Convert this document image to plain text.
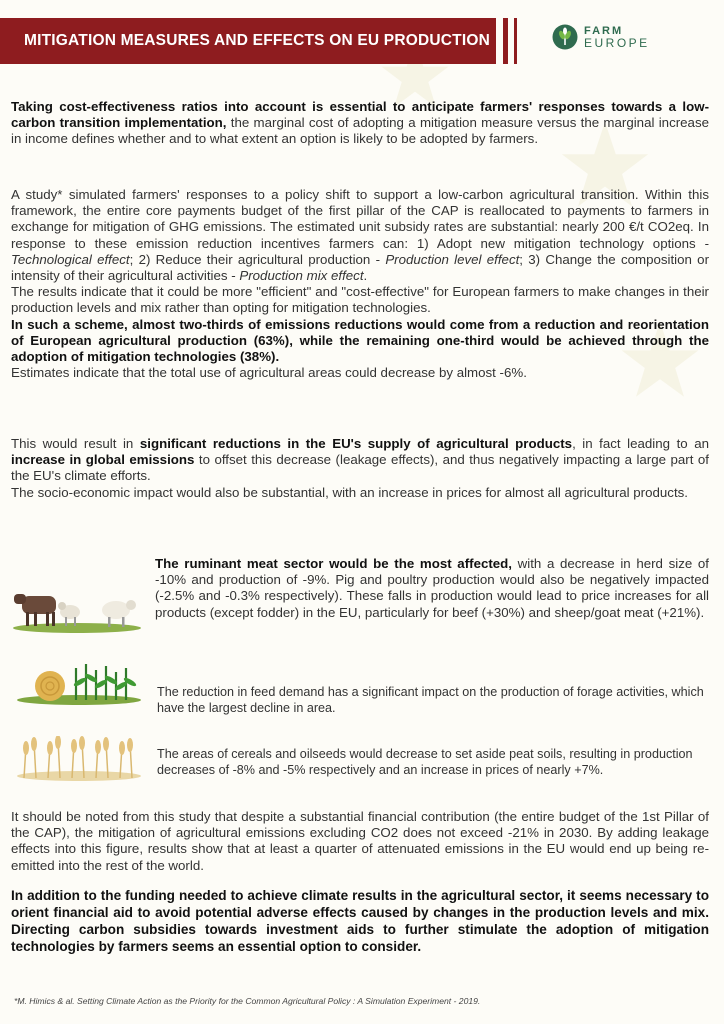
MITIGATION MEASURES AND EFFECTS ON EU PRODUCTION
FARM
EUROPE

Taking cost-effectiveness ratios into account is essential to anticipate farmers' responses towards a low-carbon transition implementation, the marginal cost of adopting a mitigation measure versus the marginal increase in income defines whether and to what extent an option is likely to be adopted by farmers.

A study* simulated farmers' responses to a policy shift to support a low-carbon agricultural transition. Within this framework, the entire core payments budget of the first pillar of the CAP is reallocated to payments to farmers in exchange for mitigation of GHG emissions. The estimated unit subsidy rates are substantial: nearly 200 €/t CO2eq. In response to these emission reduction incentives farmers can: 1) Adopt new mitigation technology options - Technological effect; 2) Reduce their agricultural production - Production level effect; 3) Change the composition or intensity of their agricultural activities - Production mix effect.

The results indicate that it could be more "efficient" and "cost-effective" for European farmers to make changes in their production levels and mix rather than opting for mitigation technologies.

In such a scheme, almost two-thirds of emissions reductions would come from a reduction and reorientation of European agricultural production (63%), while the remaining one-third would be achieved through the adoption of mitigation technologies (38%).

Estimates indicate that the total use of agricultural areas could decrease by almost -6%.

This would result in significant reductions in the EU's supply of agricultural products, in fact leading to an increase in global emissions to offset this decrease (leakage effects), and thus negatively impacting a large part of the EU's climate efforts.

The socio-economic impact would also be substantial, with an increase in prices for almost all agricultural products.

The ruminant meat sector would be the most affected, with a decrease in herd size of -10% and production of -9%. Pig and poultry production would also be negatively impacted (-2.5% and -0.3% respectively). These falls in production would lead to price increases for all products (except fodder) in the EU, particularly for beef (+30%) and sheep/goat meat (+21%).

The reduction in feed demand has a significant impact on the production of forage activities, which have the largest decline in area.
The areas of cereals and oilseeds would decrease to set aside peat soils, resulting in production decreases of -8% and -5% respectively and an increase in prices of nearly +7%.
It should be noted from this study that despite a substantial financial contribution (the entire budget of the 1st Pillar of the CAP), the mitigation of agricultural emissions excluding CO2 does not exceed -21% in 2030. By adding leakage effects into this figure, results show that at least a quarter of attenuated emissions in the EU would end up being re-emitted into the rest of the world.

In addition to the funding needed to achieve climate results in the agricultural sector, it seems necessary to orient financial aid to avoid potential adverse effects caused by changes in the production levels and mix. Directing carbon subsidies towards investment aids to further stimulate the adoption of mitigation technologies by farmers seems an essential option to consider.

*M. Himics & al. Setting Climate Action as the Priority for the Common Agricultural Policy : A Simulation Experiment - 2019.
